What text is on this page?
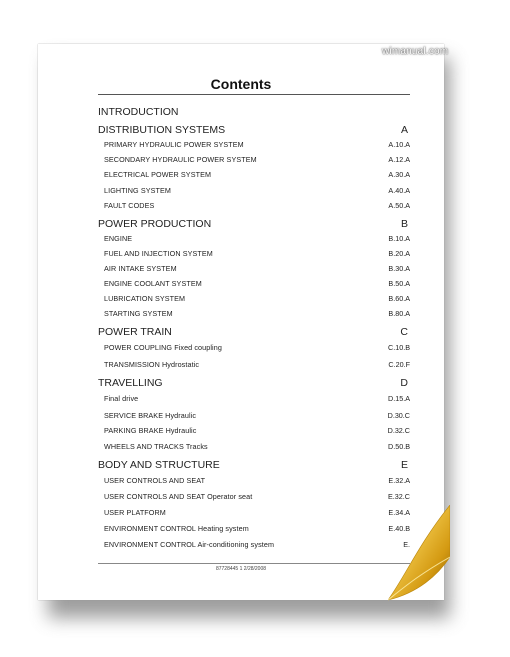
Contents
INTRODUCTION
DISTRIBUTION SYSTEMS	A
PRIMARY HYDRAULIC POWER SYSTEM	A.10.A
SECONDARY HYDRAULIC POWER SYSTEM	A.12.A
ELECTRICAL POWER SYSTEM	A.30.A
LIGHTING SYSTEM	A.40.A
FAULT CODES	A.50.A
POWER PRODUCTION	B
ENGINE	B.10.A
FUEL AND INJECTION SYSTEM	B.20.A
AIR INTAKE SYSTEM	B.30.A
ENGINE COOLANT SYSTEM	B.50.A
LUBRICATION SYSTEM	B.60.A
STARTING SYSTEM	B.80.A
POWER TRAIN	C
POWER COUPLING Fixed coupling	C.10.B
TRANSMISSION Hydrostatic	C.20.F
TRAVELLING	D
Final drive	D.15.A
SERVICE BRAKE Hydraulic	D.30.C
PARKING BRAKE Hydraulic	D.32.C
WHEELS AND TRACKS Tracks	D.50.B
BODY AND STRUCTURE	E
USER CONTROLS AND SEAT	E.32.A
USER CONTROLS AND SEAT Operator seat	E.32.C
USER PLATFORM	E.34.A
ENVIRONMENT CONTROL Heating system	E.40.B
ENVIRONMENT CONTROL Air-conditioning system	E.
87728445 1 2/28/2008
wimanual.com
